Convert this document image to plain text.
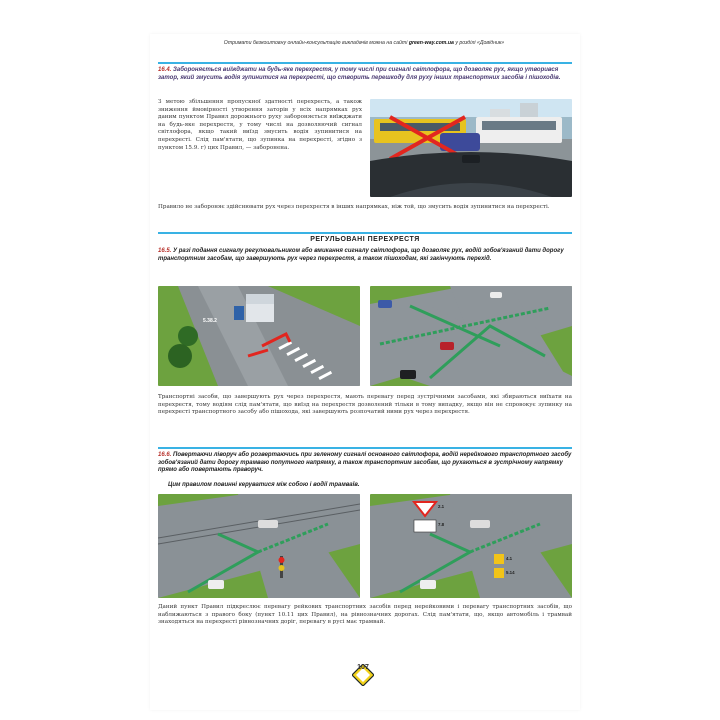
Отримати безкоштовну онлайн-консультацію викладачів можна на сайті green-way.com.ua у розділі «Довідник»
16.4. Забороняється виїжджати на будь-яке перехрестя, у тому числі при сигналі світлофора, що дозволяє рух, якщо утворився затор, який змусить водія зупинитися на перехресті, що створить перешкоду для руху інших транспортних засобів і пішоходів.
З метою збільшення пропускної здатності перехресть, а також зниження ймовірності утворення заторів у всіх напрямках рух даним пунктом Правил дорожнього руху забороняється виїжджати на будь-яке перехрестя, у тому числі на дозволяючий сигнал світлофора, якщо такий виїзд змусить водія зупинитися на перехресті. Слід пам'ятати, що зупинка на перехресті, згідно з пунктом 15.9. г) цих Правил, — заборонена.
Правило не забороняє здійснювати рух через перехрестя в інших напрямках, ніж той, що змусить водія зупинитися на перехресті.
РЕГУЛЬОВАНІ ПЕРЕХРЕСТЯ
16.5. У разі подання сигналу регулювальником або вмикання сигналу світлофора, що дозволяє рух, водій зобов'язаний дати дорогу транспортним засобам, що завершують рух через перехрестя, а також пішоходам, які закінчують перехід.
5.38.2
Транспортні засоби, що завершують рух через перехрестя, мають перевагу перед зустрічними засобами, які збираються виїхати на перехрестя, тому водіям слід пам'ятати, що виїзд на перехрестя дозволений тільки в тому випадку, якщо він не спровокує зупинку на перехресті транспортного засобу або пішохода, які завершують розпочатий ними рух через перехрестя.
16.6. Повертаючи ліворуч або розвертаючись при зеленому сигналі основного світлофора, водій нерейкового транспортного засобу зобов'язаний дати дорогу трамваю попутного напрямку, а також транспортним засобам, що рухаються в зустрічному напрямку прямо або повертають праворуч.
Цим правилом повинні керуватися між собою і водії трамваїв.
2.1
7.8
4.1
5.14
Даний пункт Правил підкреслює перевагу рейкових транспортних засобів перед нерейковими і перевагу транспортних засобів, що наближаються з правого боку (пункт 10.11 цих Правил), на рівнозначних дорогах. Слід пам'ятати, що, якщо автомобіль і трамвай знаходяться на перехресті рівнозначних доріг, перевагу в русі має трамвай.
107
